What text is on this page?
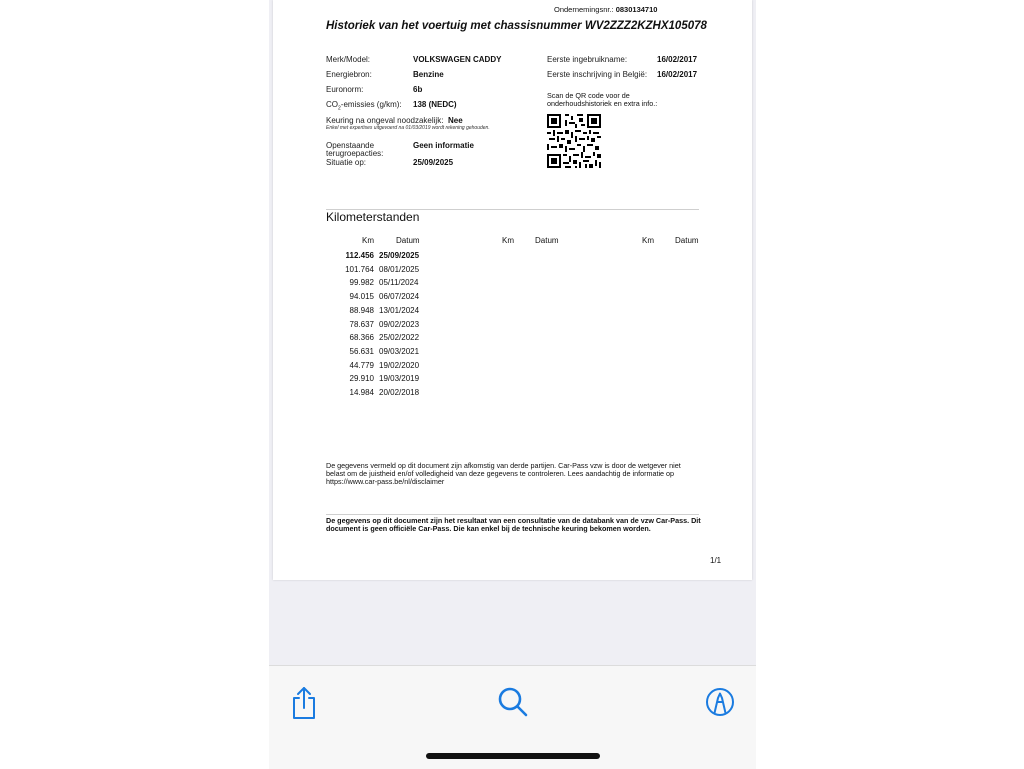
Ondernemingsnr.: 0830134710
Historiek van het voertuig met chassisnummer WV2ZZZ2KZHX105078
Merk/Model:	VOLKSWAGEN CADDY
Energiebron:	Benzine
Euronorm:	6b
$CO_2$-emissies (g/km): 138 (NEDC)
Keuring na ongeval noodzakelijk: Nee
Enkel met expertises uitgevoerd na 01/03/2019 wordt rekening gehouden.
Openstaande
terugroepacties:
Geen informatie
Situatie op:	25/09/2025
Eerste ingebruikname:	16/02/2017
Eerste inschrijving in België: 16/02/2017
Scan de QR code voor de onderhoudshistoriek en extra info.:
Kilometerstanden
Km	Datum	Km	Datum	Km	Datum
112.456 25/09/2025
101.764 08/01/2025
99.982 05/11/2024
94.015 06/07/2024
88.948 13/01/2024
78.637 09/02/2023
68.366 25/02/2022
56.631 09/03/2021
44.779 19/02/2020
29.910 19/03/2019
14.984 20/02/2018
De gegevens vermeld op dit document zijn afkomstig van derde partijen. Car-Pass vzw is door de wetgever niet belast om de juistheid en/of volledigheid van deze gegevens te controleren. Lees aandachtig de informatie op https://www.car-pass.be/nl/disclaimer
De gegevens op dit document zijn het resultaat van een consultatie van de databank van de vzw Car-Pass. Dit document is geen officiële Car-Pass. Die kan enkel bij de technische keuring bekomen worden.
1/1
